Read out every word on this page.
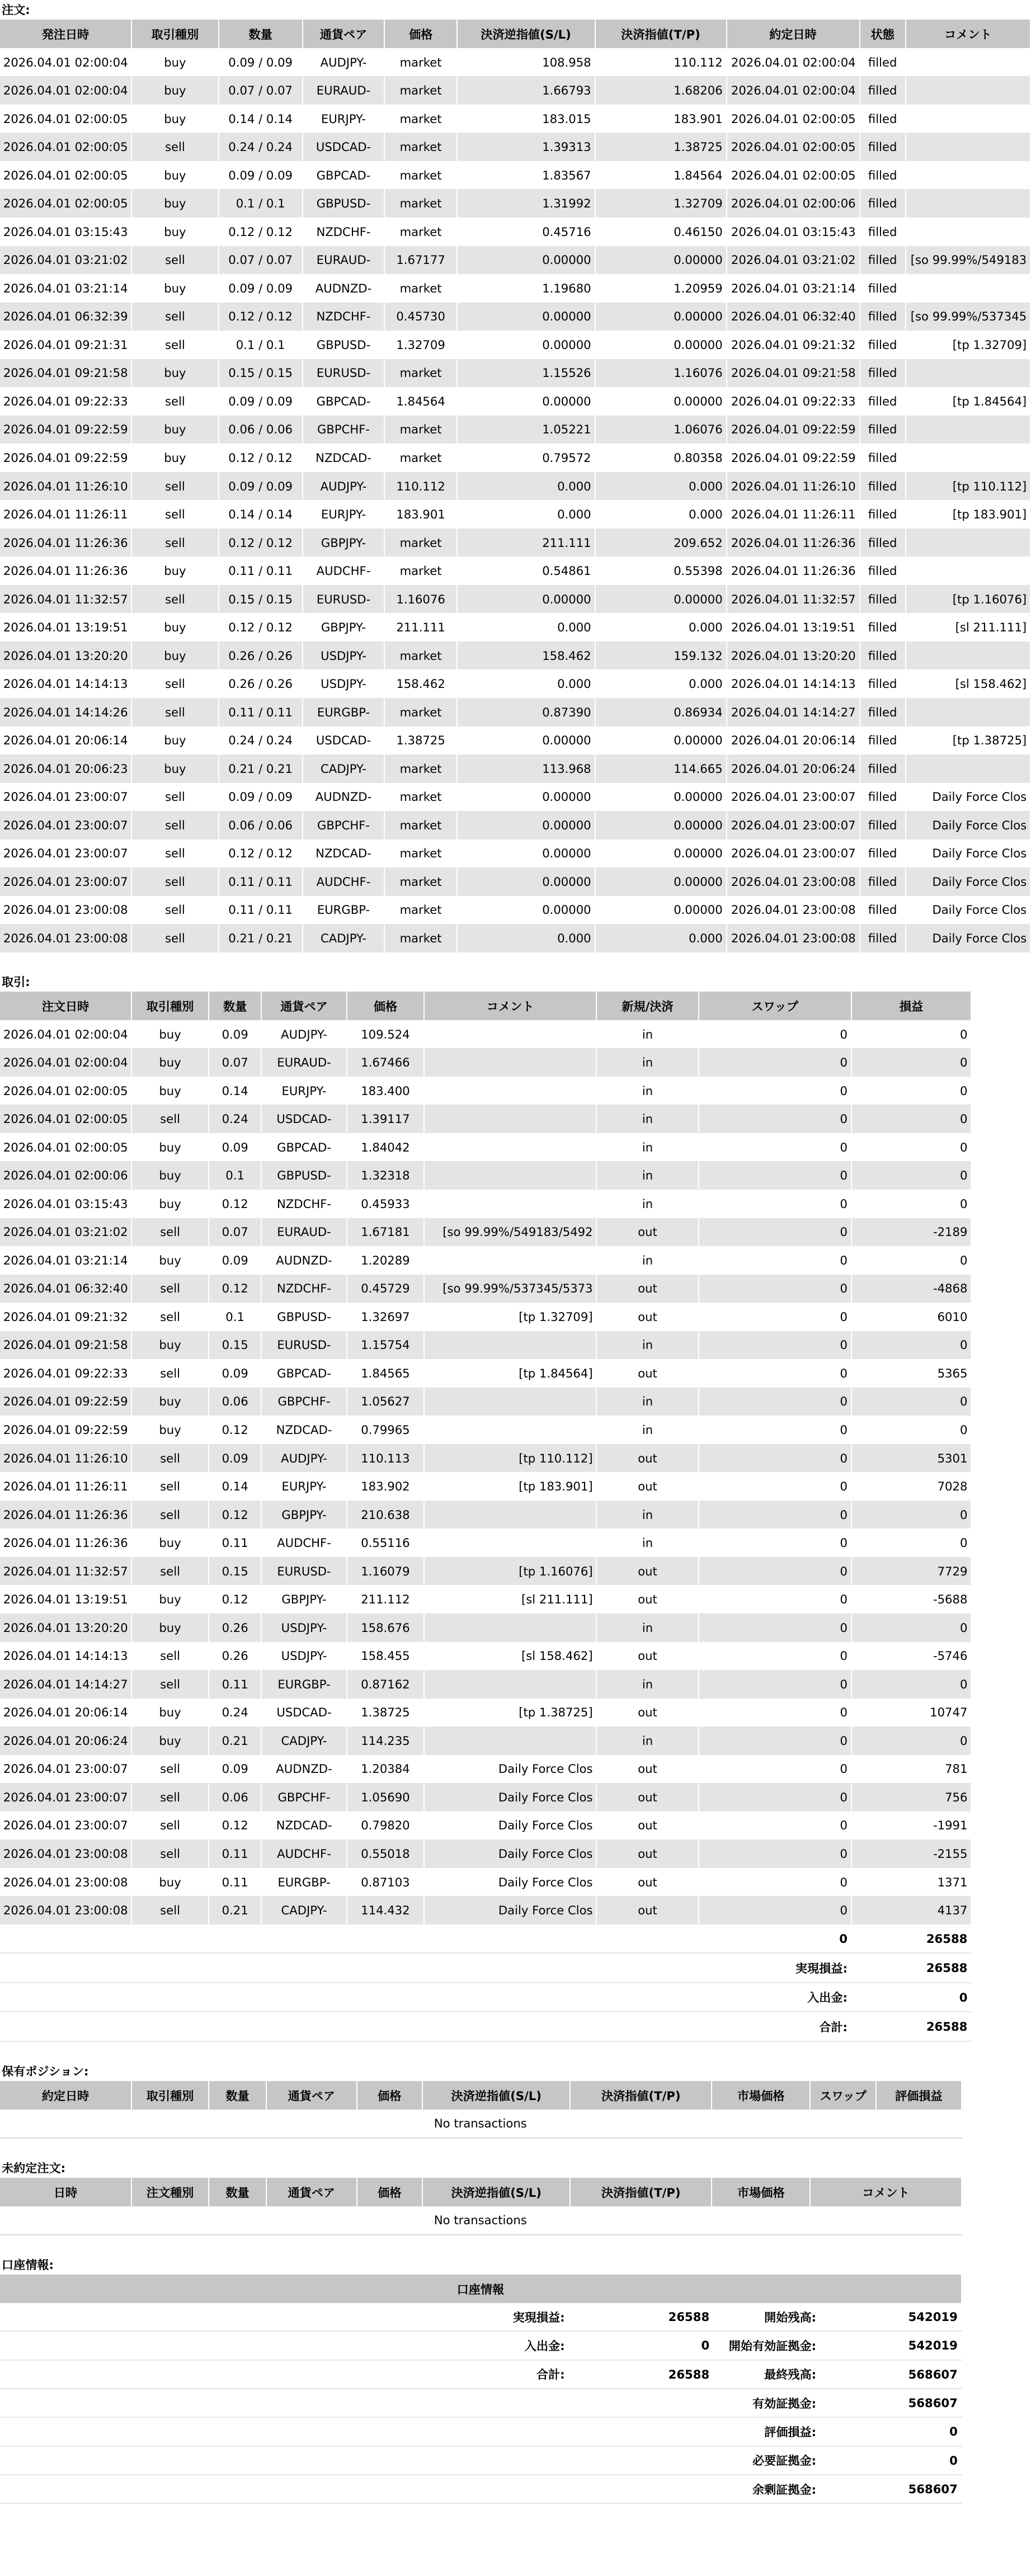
注文:
発注日時	取引種別	数量	通貨ペア	価格	決済逆指値(S/L)	決済指値(T/P)	約定日時	状態	コメント
2026.04.01 02:00:04	buy	0.09 / 0.09	AUDJPY-	market	108.958	110.112	2026.04.01 02:00:04	filled	
2026.04.01 02:00:04	buy	0.07 / 0.07	EURAUD-	market	1.66793	1.68206	2026.04.01 02:00:04	filled	
2026.04.01 02:00:05	buy	0.14 / 0.14	EURJPY-	market	183.015	183.901	2026.04.01 02:00:05	filled	
2026.04.01 02:00:05	sell	0.24 / 0.24	USDCAD-	market	1.39313	1.38725	2026.04.01 02:00:05	filled	
2026.04.01 02:00:05	buy	0.09 / 0.09	GBPCAD-	market	1.83567	1.84564	2026.04.01 02:00:05	filled	
2026.04.01 02:00:05	buy	0.1 / 0.1	GBPUSD-	market	1.31992	1.32709	2026.04.01 02:00:06	filled	
2026.04.01 03:15:43	buy	0.12 / 0.12	NZDCHF-	market	0.45716	0.46150	2026.04.01 03:15:43	filled	
2026.04.01 03:21:02	sell	0.07 / 0.07	EURAUD-	1.67177	0.00000	0.00000	2026.04.01 03:21:02	filled	[so 99.99%/549183
2026.04.01 03:21:14	buy	0.09 / 0.09	AUDNZD-	market	1.19680	1.20959	2026.04.01 03:21:14	filled	
2026.04.01 06:32:39	sell	0.12 / 0.12	NZDCHF-	0.45730	0.00000	0.00000	2026.04.01 06:32:40	filled	[so 99.99%/537345
2026.04.01 09:21:31	sell	0.1 / 0.1	GBPUSD-	1.32709	0.00000	0.00000	2026.04.01 09:21:32	filled	[tp 1.32709]
2026.04.01 09:21:58	buy	0.15 / 0.15	EURUSD-	market	1.15526	1.16076	2026.04.01 09:21:58	filled	
2026.04.01 09:22:33	sell	0.09 / 0.09	GBPCAD-	1.84564	0.00000	0.00000	2026.04.01 09:22:33	filled	[tp 1.84564]
2026.04.01 09:22:59	buy	0.06 / 0.06	GBPCHF-	market	1.05221	1.06076	2026.04.01 09:22:59	filled	
2026.04.01 09:22:59	buy	0.12 / 0.12	NZDCAD-	market	0.79572	0.80358	2026.04.01 09:22:59	filled	
2026.04.01 11:26:10	sell	0.09 / 0.09	AUDJPY-	110.112	0.000	0.000	2026.04.01 11:26:10	filled	[tp 110.112]
2026.04.01 11:26:11	sell	0.14 / 0.14	EURJPY-	183.901	0.000	0.000	2026.04.01 11:26:11	filled	[tp 183.901]
2026.04.01 11:26:36	sell	0.12 / 0.12	GBPJPY-	market	211.111	209.652	2026.04.01 11:26:36	filled	
2026.04.01 11:26:36	buy	0.11 / 0.11	AUDCHF-	market	0.54861	0.55398	2026.04.01 11:26:36	filled	
2026.04.01 11:32:57	sell	0.15 / 0.15	EURUSD-	1.16076	0.00000	0.00000	2026.04.01 11:32:57	filled	[tp 1.16076]
2026.04.01 13:19:51	buy	0.12 / 0.12	GBPJPY-	211.111	0.000	0.000	2026.04.01 13:19:51	filled	[sl 211.111]
2026.04.01 13:20:20	buy	0.26 / 0.26	USDJPY-	market	158.462	159.132	2026.04.01 13:20:20	filled	
2026.04.01 14:14:13	sell	0.26 / 0.26	USDJPY-	158.462	0.000	0.000	2026.04.01 14:14:13	filled	[sl 158.462]
2026.04.01 14:14:26	sell	0.11 / 0.11	EURGBP-	market	0.87390	0.86934	2026.04.01 14:14:27	filled	
2026.04.01 20:06:14	buy	0.24 / 0.24	USDCAD-	1.38725	0.00000	0.00000	2026.04.01 20:06:14	filled	[tp 1.38725]
2026.04.01 20:06:23	buy	0.21 / 0.21	CADJPY-	market	113.968	114.665	2026.04.01 20:06:24	filled	
2026.04.01 23:00:07	sell	0.09 / 0.09	AUDNZD-	market	0.00000	0.00000	2026.04.01 23:00:07	filled	Daily Force Clos
2026.04.01 23:00:07	sell	0.06 / 0.06	GBPCHF-	market	0.00000	0.00000	2026.04.01 23:00:07	filled	Daily Force Clos
2026.04.01 23:00:07	sell	0.12 / 0.12	NZDCAD-	market	0.00000	0.00000	2026.04.01 23:00:07	filled	Daily Force Clos
2026.04.01 23:00:07	sell	0.11 / 0.11	AUDCHF-	market	0.00000	0.00000	2026.04.01 23:00:08	filled	Daily Force Clos
2026.04.01 23:00:08	sell	0.11 / 0.11	EURGBP-	market	0.00000	0.00000	2026.04.01 23:00:08	filled	Daily Force Clos
2026.04.01 23:00:08	sell	0.21 / 0.21	CADJPY-	market	0.000	0.000	2026.04.01 23:00:08	filled	Daily Force Clos
取引:
注文日時	取引種別	数量	通貨ペア	価格	コメント	新規/決済	スワップ	損益
2026.04.01 02:00:04	buy	0.09	AUDJPY-	109.524		in	0	0
2026.04.01 02:00:04	buy	0.07	EURAUD-	1.67466		in	0	0
2026.04.01 02:00:05	buy	0.14	EURJPY-	183.400		in	0	0
2026.04.01 02:00:05	sell	0.24	USDCAD-	1.39117		in	0	0
2026.04.01 02:00:05	buy	0.09	GBPCAD-	1.84042		in	0	0
2026.04.01 02:00:06	buy	0.1	GBPUSD-	1.32318		in	0	0
2026.04.01 03:15:43	buy	0.12	NZDCHF-	0.45933		in	0	0
2026.04.01 03:21:02	sell	0.07	EURAUD-	1.67181	[so 99.99%/549183/5492	out	0	-2189
2026.04.01 03:21:14	buy	0.09	AUDNZD-	1.20289		in	0	0
2026.04.01 06:32:40	sell	0.12	NZDCHF-	0.45729	[so 99.99%/537345/5373	out	0	-4868
2026.04.01 09:21:32	sell	0.1	GBPUSD-	1.32697	[tp 1.32709]	out	0	6010
2026.04.01 09:21:58	buy	0.15	EURUSD-	1.15754		in	0	0
2026.04.01 09:22:33	sell	0.09	GBPCAD-	1.84565	[tp 1.84564]	out	0	5365
2026.04.01 09:22:59	buy	0.06	GBPCHF-	1.05627		in	0	0
2026.04.01 09:22:59	buy	0.12	NZDCAD-	0.79965		in	0	0
2026.04.01 11:26:10	sell	0.09	AUDJPY-	110.113	[tp 110.112]	out	0	5301
2026.04.01 11:26:11	sell	0.14	EURJPY-	183.902	[tp 183.901]	out	0	7028
2026.04.01 11:26:36	sell	0.12	GBPJPY-	210.638		in	0	0
2026.04.01 11:26:36	buy	0.11	AUDCHF-	0.55116		in	0	0
2026.04.01 11:32:57	sell	0.15	EURUSD-	1.16079	[tp 1.16076]	out	0	7729
2026.04.01 13:19:51	buy	0.12	GBPJPY-	211.112	[sl 211.111]	out	0	-5688
2026.04.01 13:20:20	buy	0.26	USDJPY-	158.676		in	0	0
2026.04.01 14:14:13	sell	0.26	USDJPY-	158.455	[sl 158.462]	out	0	-5746
2026.04.01 14:14:27	sell	0.11	EURGBP-	0.87162		in	0	0
2026.04.01 20:06:14	buy	0.24	USDCAD-	1.38725	[tp 1.38725]	out	0	10747
2026.04.01 20:06:24	buy	0.21	CADJPY-	114.235		in	0	0
2026.04.01 23:00:07	sell	0.09	AUDNZD-	1.20384	Daily Force Clos	out	0	781
2026.04.01 23:00:07	sell	0.06	GBPCHF-	1.05690	Daily Force Clos	out	0	756
2026.04.01 23:00:07	sell	0.12	NZDCAD-	0.79820	Daily Force Clos	out	0	-1991
2026.04.01 23:00:08	sell	0.11	AUDCHF-	0.55018	Daily Force Clos	out	0	-2155
2026.04.01 23:00:08	buy	0.11	EURGBP-	0.87103	Daily Force Clos	out	0	1371
2026.04.01 23:00:08	sell	0.21	CADJPY-	114.432	Daily Force Clos	out	0	4137
							0	26588
							実現損益:	26588
							入出金:	0
							合計:	26588
保有ポジション:
約定日時	取引種別	数量	通貨ペア	価格	決済逆指値(S/L)	決済指値(T/P)	市場価格	スワップ	評価損益
No transactions
未約定注文:
日時	注文種別	数量	通貨ペア	価格	決済逆指値(S/L)	決済指値(T/P)	市場価格	コメント
No transactions
口座情報:
口座情報				
	実現損益:	26588	開始残高:	542019
	入出金:	0	開始有効証拠金:	542019
	合計:	26588	最終残高:	568607
			有効証拠金:	568607
			評価損益:	0
			必要証拠金:	0
			余剰証拠金:	568607
